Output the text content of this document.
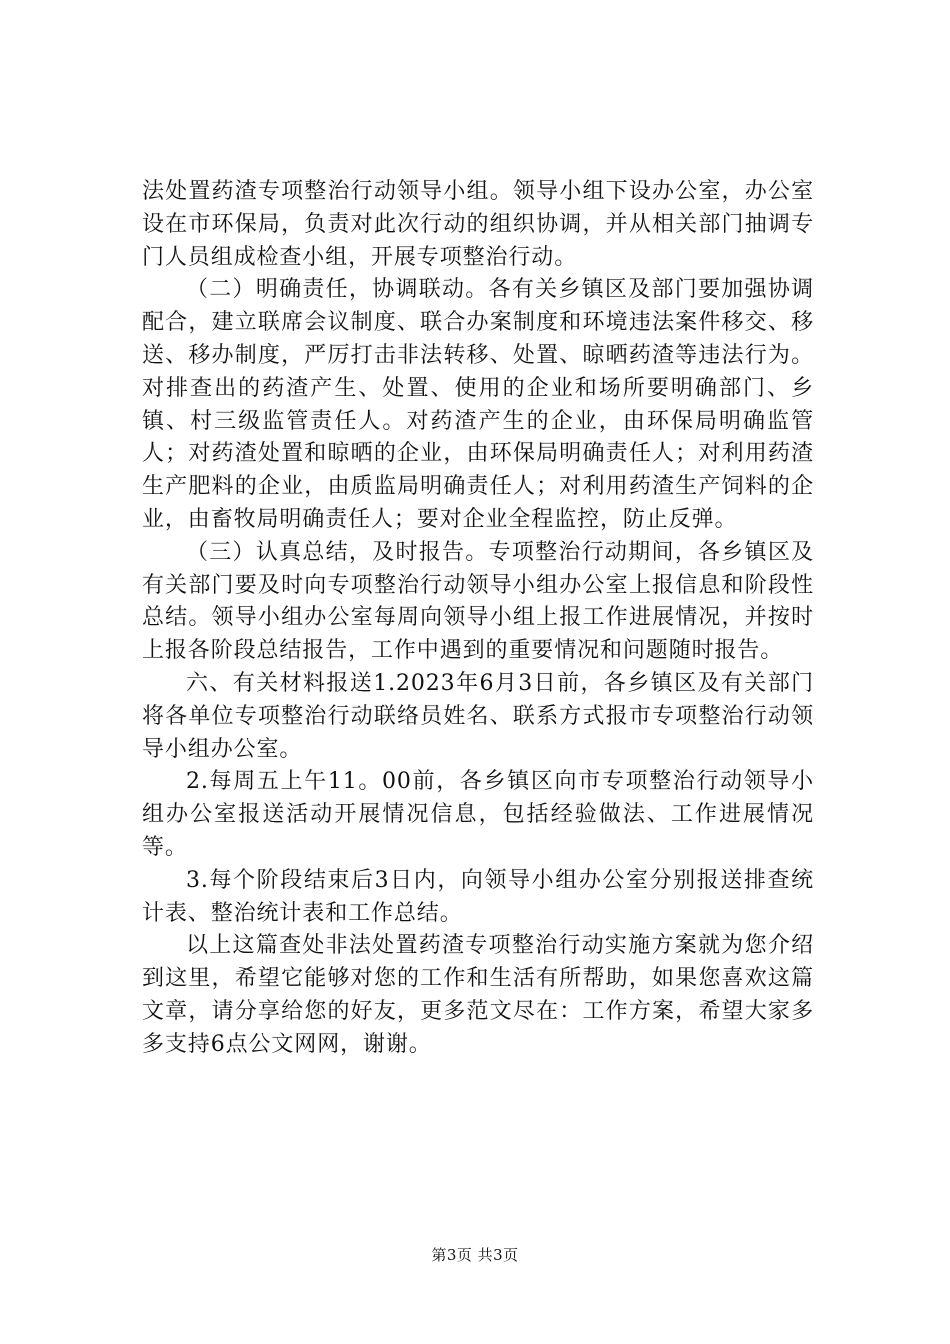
法处置药渣专项整治行动领导小组。领导小组下设办公室，办公室设在市环保局，负责对此次行动的组织协调，并从相关部门抽调专门人员组成检查小组，开展专项整治行动。

（二）明确责任，协调联动。各有关乡镇区及部门要加强协调配合，建立联席会议制度、联合办案制度和环境违法案件移交、移送、移办制度，严厉打击非法转移、处置、晾晒药渣等违法行为。对排查出的药渣产生、处置、使用的企业和场所要明确部门、乡镇、村三级监管责任人。对药渣产生的企业，由环保局明确监管人；对药渣处置和晾晒的企业，由环保局明确责任人；对利用药渣生产肥料的企业，由质监局明确责任人；对利用药渣生产饲料的企业，由畜牧局明确责任人；要对企业全程监控，防止反弹。

（三）认真总结，及时报告。专项整治行动期间，各乡镇区及有关部门要及时向专项整治行动领导小组办公室上报信息和阶段性总结。领导小组办公室每周向领导小组上报工作进展情况，并按时上报各阶段总结报告，工作中遇到的重要情况和问题随时报告。

六、有关材料报送1.2023年6月3日前，各乡镇区及有关部门将各单位专项整治行动联络员姓名、联系方式报市专项整治行动领导小组办公室。

2.每周五上午11。00前，各乡镇区向市专项整治行动领导小组办公室报送活动开展情况信息，包括经验做法、工作进展情况等。

3.每个阶段结束后3日内，向领导小组办公室分别报送排查统计表、整治统计表和工作总结。

以上这篇查处非法处置药渣专项整治行动实施方案就为您介绍到这里，希望它能够对您的工作和生活有所帮助，如果您喜欢这篇文章，请分享给您的好友，更多范文尽在：工作方案，希望大家多多支持6点公文网网，谢谢。

第3页 共3页
